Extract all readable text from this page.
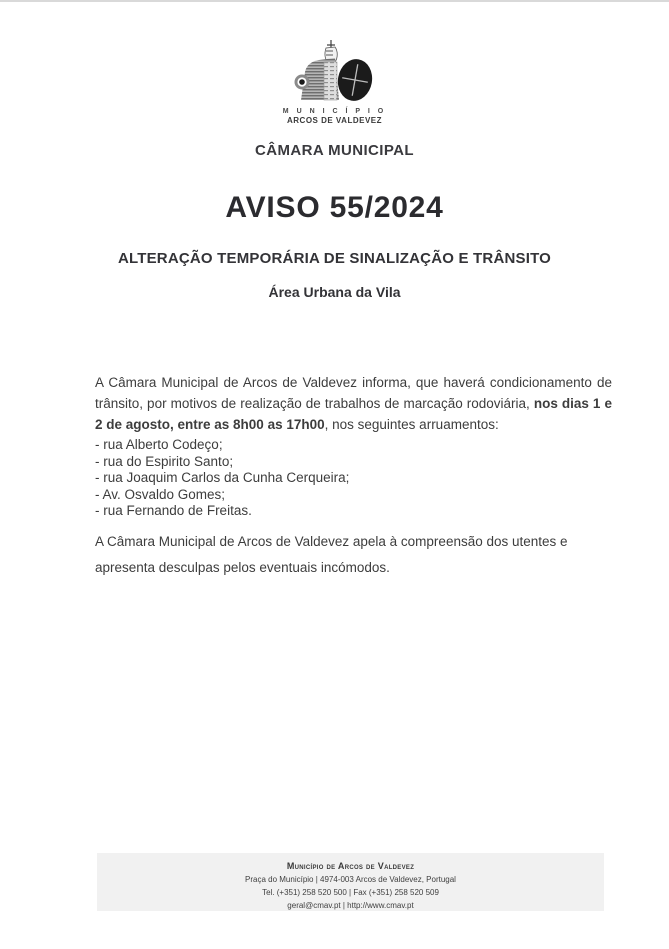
M U N I C Í P I O
ARCOS DE VALDEVEZ
CÂMARA MUNICIPAL
AVISO 55/2024
ALTERAÇÃO TEMPORÁRIA DE SINALIZAÇÃO E TRÂNSITO
Área Urbana da Vila
A Câmara Municipal de Arcos de Valdevez informa, que haverá condicionamento de trânsito, por motivos de realização de trabalhos de marcação rodoviária, nos dias 1 e 2 de agosto, entre as 8h00 as 17h00, nos seguintes arruamentos:
- rua Alberto Codeço;
- rua do Espirito Santo;
- rua Joaquim Carlos da Cunha Cerqueira;
- Av. Osvaldo Gomes;
- rua Fernando de Freitas.
A Câmara Municipal de Arcos de Valdevez apela à compreensão dos utentes e apresenta desculpas pelos eventuais incómodos.
Município de Arcos de Valdevez
Praça do Município | 4974-003 Arcos de Valdevez, Portugal
Tel. (+351) 258 520 500 | Fax (+351) 258 520 509
geral@cmav.pt | http://www.cmav.pt
